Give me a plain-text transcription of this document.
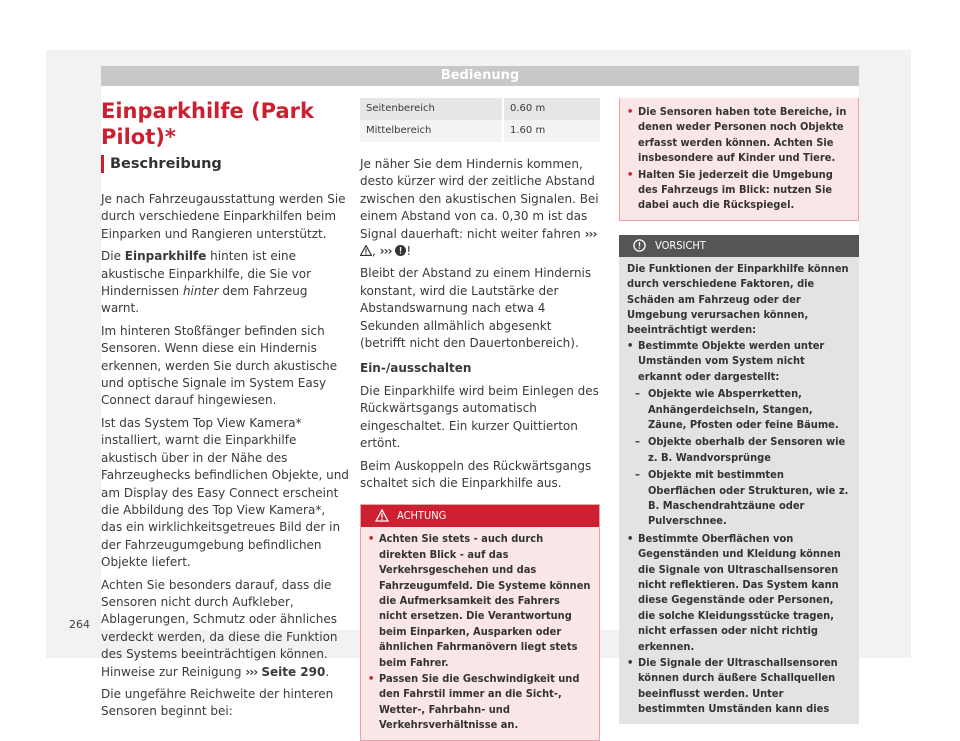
Bedienung
Einparkhilfe (Park Pilot)*
Beschreibung

Je nach Fahrzeugausstattung werden Sie durch verschiedene Einparkhilfen beim Einparken und Rangieren unterstützt.

Die Einparkhilfe hinten ist eine akustische Einparkhilfe, die Sie vor Hindernissen hinter dem Fahrzeug warnt.

Im hinteren Stoßfänger befinden sich Sensoren. Wenn diese ein Hindernis erkennen, werden Sie durch akustische und optische Signale im System Easy Connect darauf hingewiesen.

Ist das System Top View Kamera* installiert, warnt die Einparkhilfe akustisch über in der Nähe des Fahrzeughecks befindlichen Objekte, und am Display des Easy Connect erscheint die Abbildung des Top View Kamera*, das ein wirklichkeitsgetreues Bild der in der Fahrzeugumgebung befindlichen Objekte liefert.

Achten Sie besonders darauf, dass die Sensoren nicht durch Aufkleber, Ablagerungen, Schmutz oder ähnliches verdeckt werden, da diese die Funktion des Systems beeinträchtigen können. Hinweise zur Reinigung ››› Seite 290.

Die ungefähre Reichweite der hinteren Sensoren beginnt bei:

Seitenbereich	0.60 m
Mittelbereich	1.60 m

Je näher Sie dem Hindernis kommen, desto kürzer wird der zeitliche Abstand zwischen den akustischen Signalen. Bei einem Abstand von ca. 0,30 m ist das Signal dauerhaft: nicht weiter fahren ››› , ››› !

Bleibt der Abstand zu einem Hindernis konstant, wird die Lautstärke der Abstandswarnung nach etwa 4 Sekunden allmählich abgesenkt (betrifft nicht den Dauertonbereich).

Ein-/ausschalten

Die Einparkhilfe wird beim Einlegen des Rückwärtsgangs automatisch eingeschaltet. Ein kurzer Quittierton ertönt.

Beim Auskoppeln des Rückwärtsgangs schaltet sich die Einparkhilfe aus.

ACHTUNG
• Achten Sie stets - auch durch direkten Blick - auf das Verkehrsgeschehen und das Fahrzeugumfeld. Die Systeme können die Aufmerksamkeit des Fahrers nicht ersetzen. Die Verantwortung beim Einparken, Ausparken oder ähnlichen Fahrmanövern liegt stets beim Fahrer.
• Passen Sie die Geschwindigkeit und den Fahrstil immer an die Sicht-, Wetter-, Fahrbahn- und Verkehrsverhältnisse an.
• Die Sensoren haben tote Bereiche, in denen weder Personen noch Objekte erfasst werden können. Achten Sie insbesondere auf Kinder und Tiere.
• Halten Sie jederzeit die Umgebung des Fahrzeugs im Blick: nutzen Sie dabei auch die Rückspiegel.
VORSICHT
Die Funktionen der Einparkhilfe können durch verschiedene Faktoren, die Schäden am Fahrzeug oder der Umgebung verursachen können, beeinträchtigt werden:
• Bestimmte Objekte werden unter Umständen vom System nicht erkannt oder dargestellt:
– Objekte wie Absperrketten, Anhängerdeichseln, Stangen, Zäune, Pfosten oder feine Bäume.
– Objekte oberhalb der Sensoren wie z. B. Wandvorsprünge
– Objekte mit bestimmten Oberflächen oder Strukturen, wie z. B. Maschendrahtzäune oder Pulverschnee.
• Bestimmte Oberflächen von Gegenständen und Kleidung können die Signale von Ultraschallsensoren nicht reflektieren. Das System kann diese Gegenstände oder Personen, die solche Kleidungsstücke tragen, nicht erfassen oder nicht richtig erkennen.
• Die Signale der Ultraschallsensoren können durch äußere Schallquellen beeinflusst werden. Unter bestimmten Umständen kann dies
264
